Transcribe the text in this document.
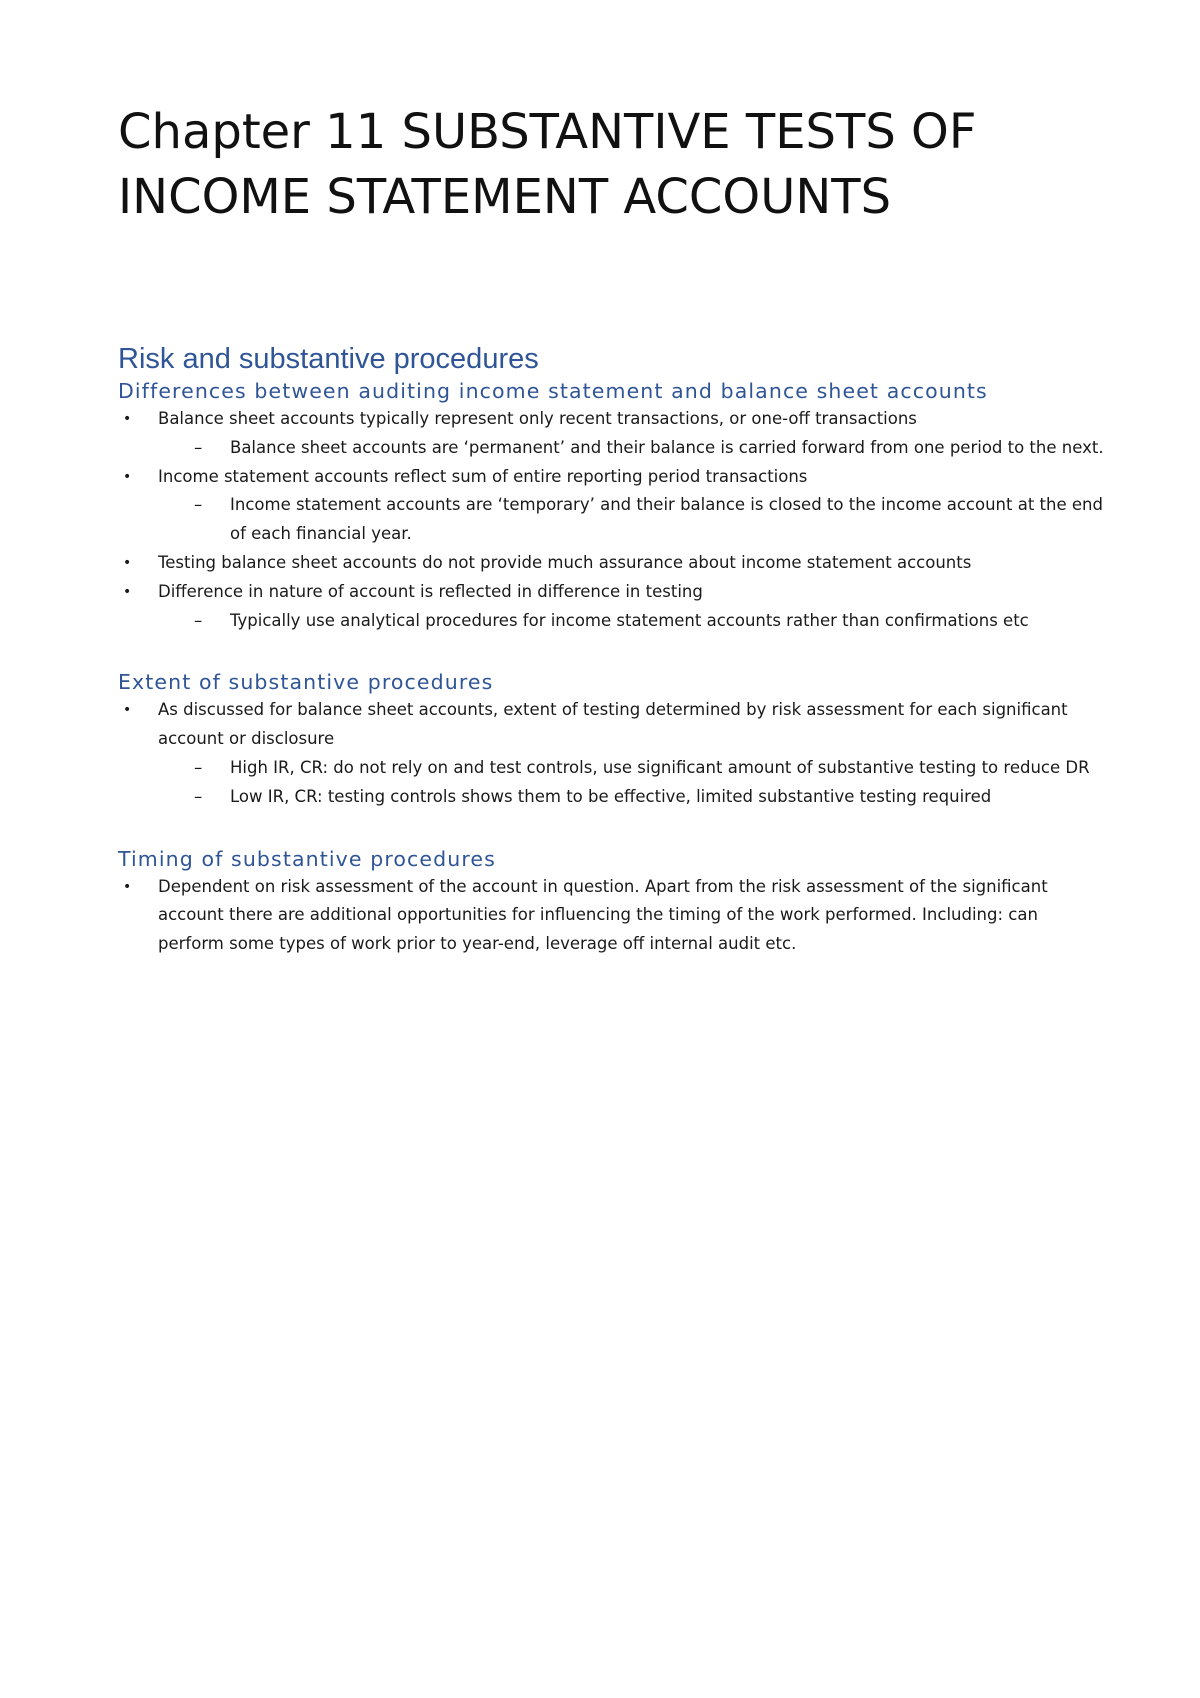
Chapter 11 SUBSTANTIVE TESTS OF INCOME STATEMENT ACCOUNTS
Risk and substantive procedures
Differences between auditing income statement and balance sheet accounts
• Balance sheet accounts typically represent only recent transactions, or one-off transactions
– Balance sheet accounts are ‘permanent’ and their balance is carried forward from one period to the next.
• Income statement accounts reflect sum of entire reporting period transactions
– Income statement accounts are ‘temporary’ and their balance is closed to the income account at the end of each financial year.
• Testing balance sheet accounts do not provide much assurance about income statement accounts
• Difference in nature of account is reflected in difference in testing
– Typically use analytical procedures for income statement accounts rather than confirmations etc
Extent of substantive procedures
• As discussed for balance sheet accounts, extent of testing determined by risk assessment for each significant account or disclosure
– High IR, CR: do not rely on and test controls, use significant amount of substantive testing to reduce DR
– Low IR, CR: testing controls shows them to be effective, limited substantive testing required
Timing of substantive procedures
• Dependent on risk assessment of the account in question. Apart from the risk assessment of the significant account there are additional opportunities for influencing the timing of the work performed. Including: can perform some types of work prior to year-end, leverage off internal audit etc.
